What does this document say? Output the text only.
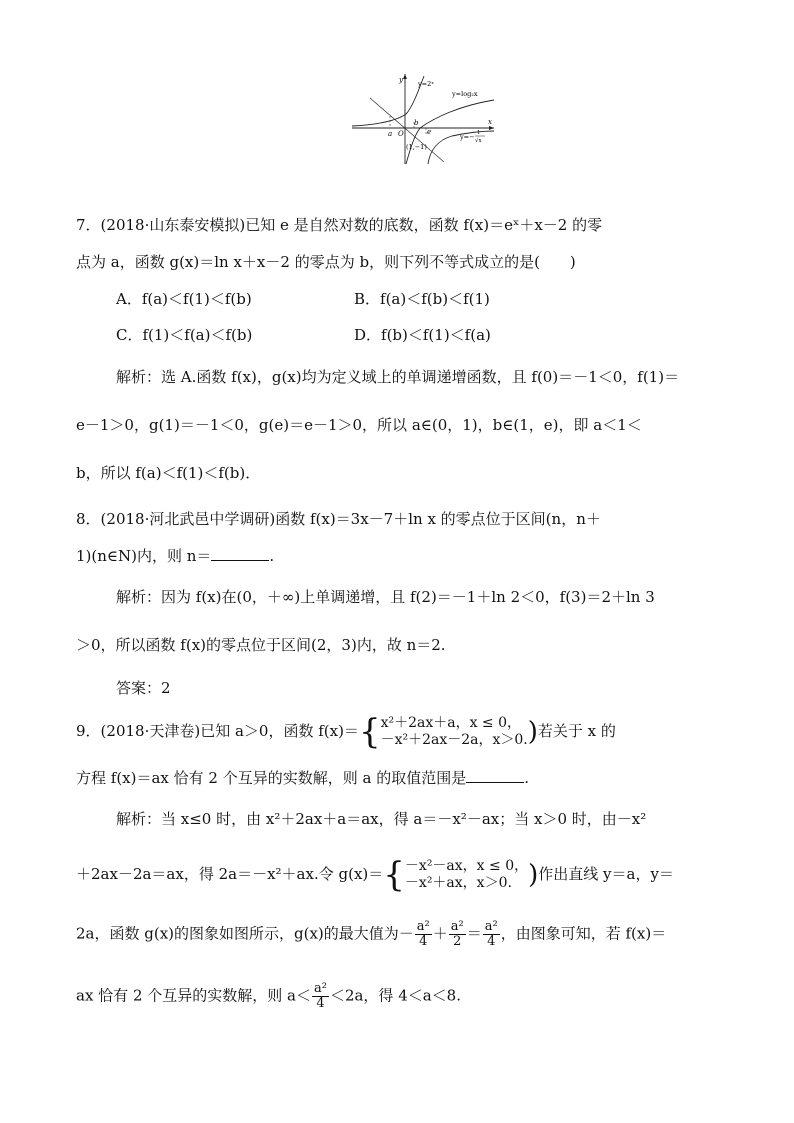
y
x
y=2ˣ
y=log₂x
y=− 1
√x
O
a
b
e
(1,−1)
7．(2018·山东泰安模拟)已知 e 是自然对数的底数，函数 f(x)＝eˣ＋x－2 的零
点为 a，函数 g(x)＝ln x＋x－2 的零点为 b，则下列不等式成立的是(　　)
A．f(a)＜f(1)＜f(b)	B．f(a)＜f(b)＜f(1)
C．f(1)＜f(a)＜f(b)	D．f(b)＜f(1)＜f(a)
解析：选 A.函数 f(x)，g(x)均为定义域上的单调递增函数，且 f(0)＝－1＜0，f(1)＝
e－1＞0，g(1)＝－1＜0，g(e)＝e－1＞0，所以 a∈(0，1)，b∈(1，e)，即 a＜1＜
b，所以 f(a)＜f(1)＜f(b)．
8．(2018·河北武邑中学调研)函数 f(x)＝3x－7＋ln x 的零点位于区间(n，n＋
1)(n∈N)内，则 n＝	.
解析：因为 f(x)在(0，＋∞)上单调递增，且 f(2)＝－1＋ln 2＜0，f(3)＝2＋ln 3
＞0，所以函数 f(x)的零点位于区间(2，3)内，故 n＝2.
答案：2
9．(2018·天津卷)已知 a＞0，函数 f(x)＝{ x²＋2ax＋a，x ≤ 0，
－x²＋2ax－2a，x＞0. )若关于 x 的
方程 f(x)＝ax 恰有 2 个互异的实数解，则 a 的取值范围是	.
解析：当 x≤0 时，由 x²＋2ax＋a＝ax，得 a＝－x²－ax；当 x＞0 时，由－x²
＋2ax－2a＝ax，得 2a＝－x²＋ax.令 g(x)＝{ －x²－ax，x ≤ 0，
－x²＋ax，x＞0. )作出直线 y＝a，y＝
2a，函数 g(x)的图象如图所示，g(x)的最大值为－ $\frac{\text{a²}}{4} + \frac{\text{a²}}{2} = \frac{\text{a²}}{4}$ ，由图象可知，若 f(x)＝
ax 恰有 2 个互异的实数解，则 $a< \frac{\text{a²}}{4} <2a$，得 4＜a＜8.
